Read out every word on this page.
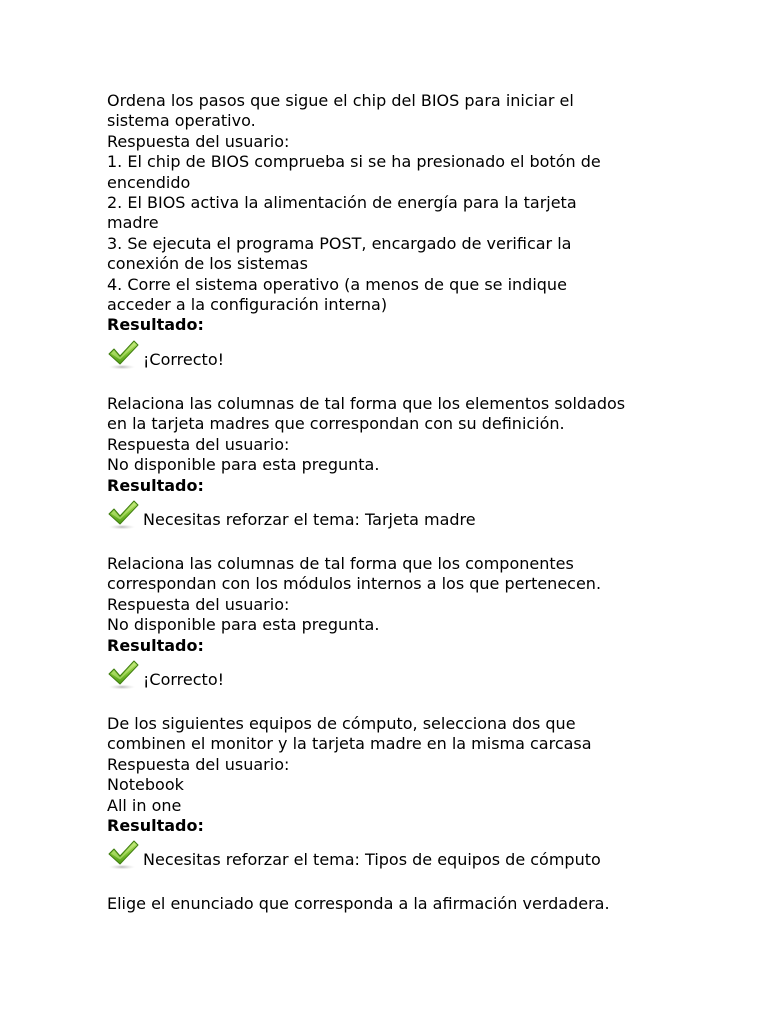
Ordena los pasos que sigue el chip del BIOS para iniciar el
sistema operativo.
Respuesta del usuario:
1. El chip de BIOS comprueba si se ha presionado el botón de
encendido
2. El BIOS activa la alimentación de energía para la tarjeta
madre
3. Se ejecuta el programa POST, encargado de verificar la
conexión de los sistemas
4. Corre el sistema operativo (a menos de que se indique
acceder a la configuración interna)
Resultado:
¡Correcto!
Relaciona las columnas de tal forma que los elementos soldados
en la tarjeta madres que correspondan con su definición.
Respuesta del usuario:
No disponible para esta pregunta.
Resultado:
Necesitas reforzar el tema: Tarjeta madre
Relaciona las columnas de tal forma que los componentes
correspondan con los módulos internos a los que pertenecen.
Respuesta del usuario:
No disponible para esta pregunta.
Resultado:
¡Correcto!
De los siguientes equipos de cómputo, selecciona dos que
combinen el monitor y la tarjeta madre en la misma carcasa
Respuesta del usuario:
Notebook
All in one
Resultado:
Necesitas reforzar el tema: Tipos de equipos de cómputo
Elige el enunciado que corresponda a la afirmación verdadera.
